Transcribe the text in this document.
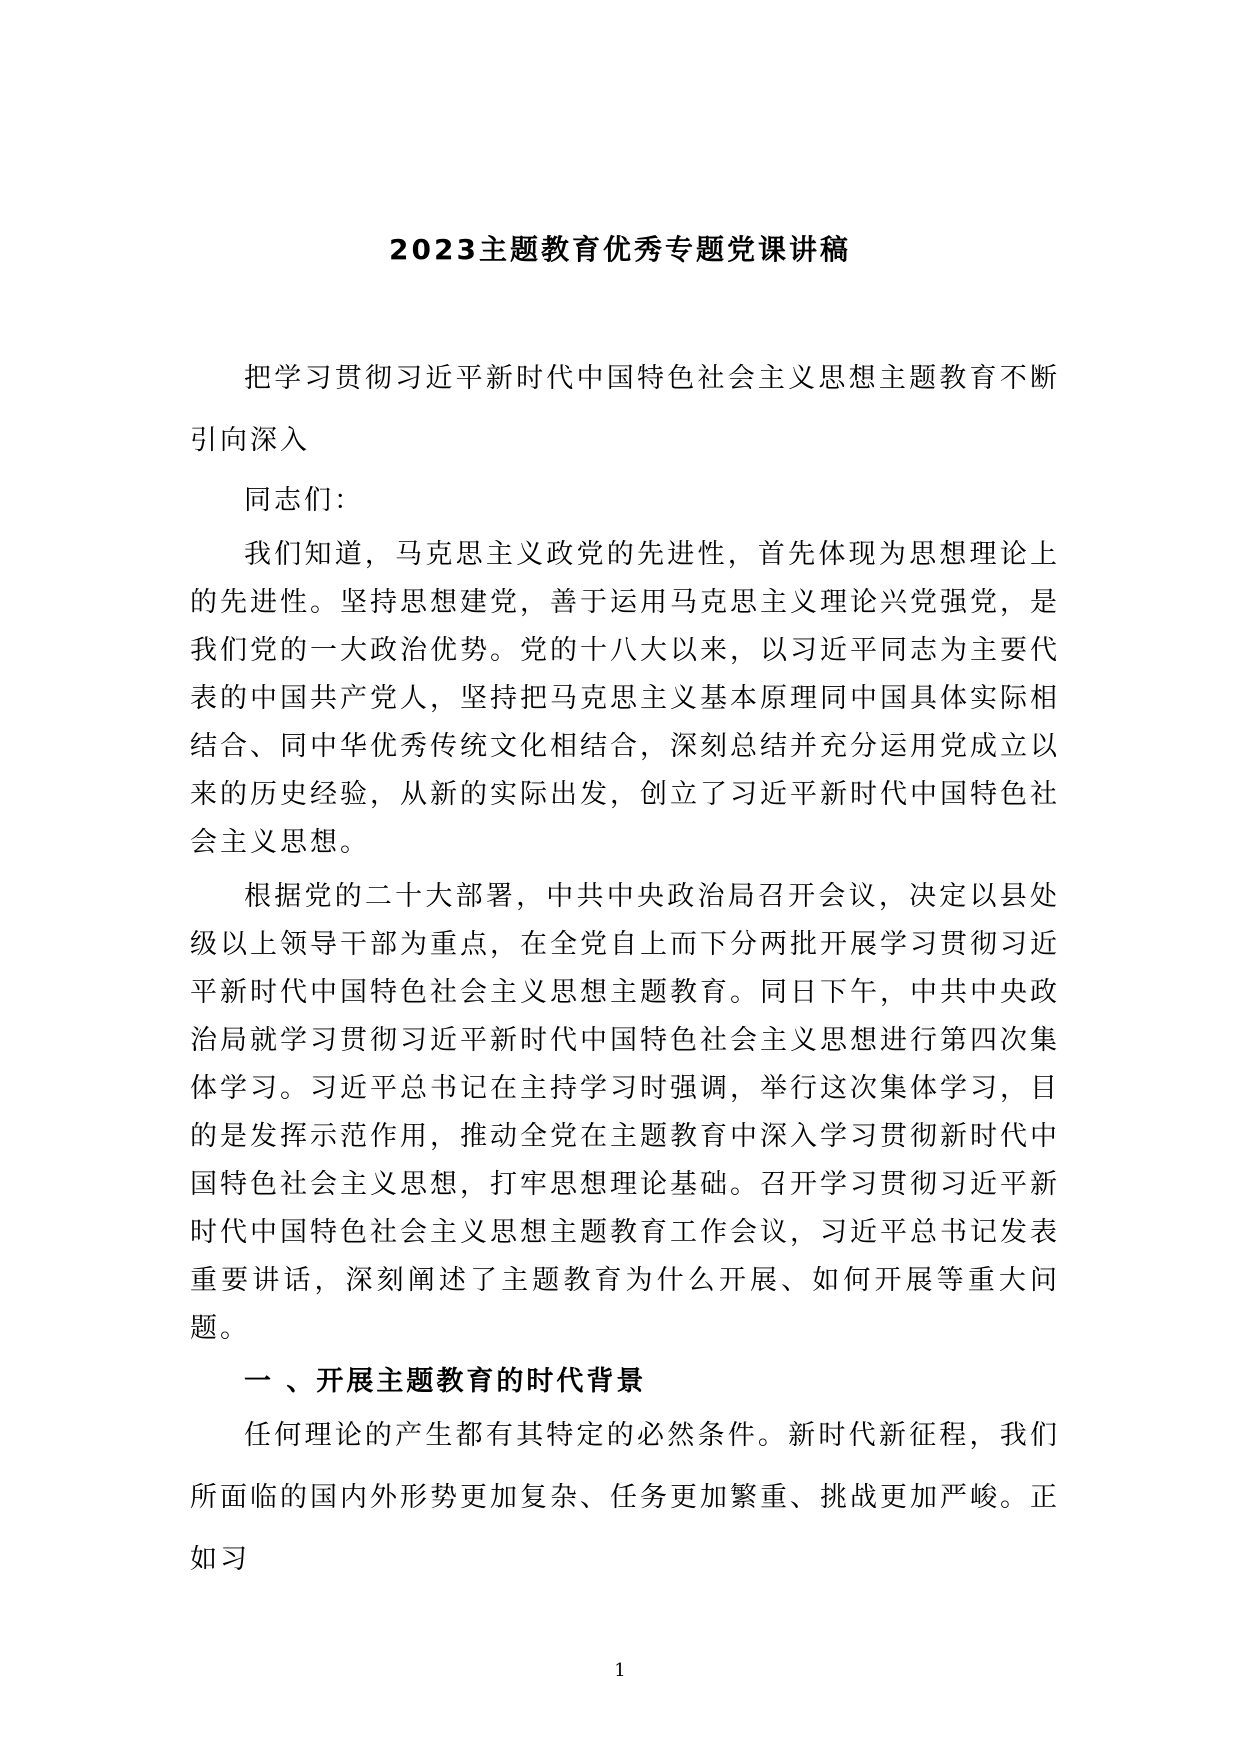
2023主题教育优秀专题党课讲稿

把学习贯彻习近平新时代中国特色社会主义思想主题教育不断引向深入

同志们：

我们知道，马克思主义政党的先进性，首先体现为思想理论上的先进性。坚持思想建党，善于运用马克思主义理论兴党强党，是我们党的一大政治优势。党的十八大以来，以习近平同志为主要代表的中国共产党人，坚持把马克思主义基本原理同中国具体实际相结合、同中华优秀传统文化相结合，深刻总结并充分运用党成立以来的历史经验，从新的实际出发，创立了习近平新时代中国特色社会主义思想。

根据党的二十大部署，中共中央政治局召开会议，决定以县处级以上领导干部为重点，在全党自上而下分两批开展学习贯彻习近平新时代中国特色社会主义思想主题教育。同日下午，中共中央政治局就学习贯彻习近平新时代中国特色社会主义思想进行第四次集体学习。习近平总书记在主持学习时强调，举行这次集体学习，目的是发挥示范作用，推动全党在主题教育中深入学习贯彻新时代中国特色社会主义思想，打牢思想理论基础。召开学习贯彻习近平新时代中国特色社会主义思想主题教育工作会议，习近平总书记发表重要讲话，深刻阐述了主题教育为什么开展、如何开展等重大问题。

一 、开展主题教育的时代背景

任何理论的产生都有其特定的必然条件。新时代新征程，我们所面临的国内外形势更加复杂、任务更加繁重、挑战更加严峻。正如习

1
